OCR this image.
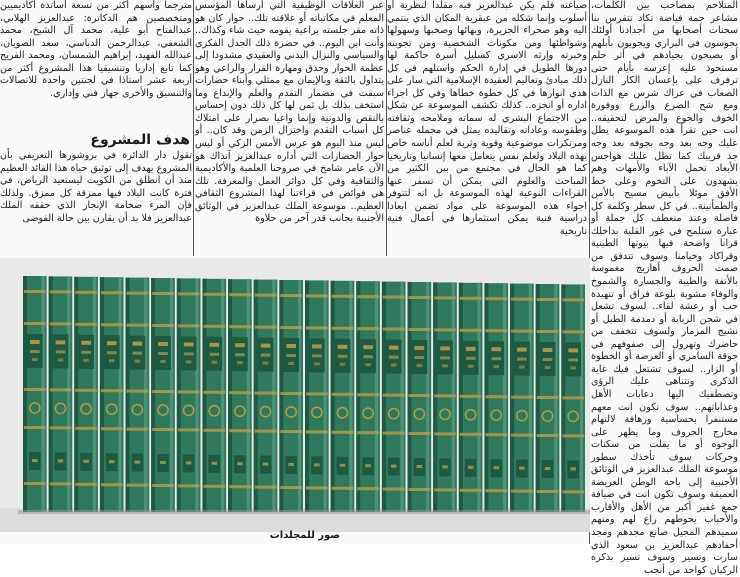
المتلاحم بمصاحب بين الكلمات، مشاعر جمة فياضة تكاد تتفرس بنا سحنات أصحابها من أجدادنا أولئك يجوسون في البراري ويجوبون بأبلهم أو يصيحون بجيادهم في أثر حلم مستحوذ عليه إعرسه بأيام حتى ترفرف على بإعسان الكار النازل الصعاب في عراك شرس مع الذات ومع شح الضرع والزرع ووفورة الخوف والجوع والمرض لتحقيقه.. انت حين تقرأ هذه الموسوعة يطل عليك وجه بعد وجه بجوفه بعد وجه جد قريبك كما تطل عليك هواجس الأبعاد تحمل الآباء والأمهات وهم يشهدون على التخوم وعلى خط الأفق موئلا بأبيض مسيح بالأمن والطمأنينة.. في كل سطر وكلمة كل فاصلة وعند منعطف كل جملة أو عبارة ستلمح في غور القلبة بداخلك قرانا واضحة فيها بيوتها الطينية وقراكاد وخيامنا وسوف تتدفق من صمت الحروف أهازيج مغموسة بالأنفة والطيبة والجسارة والشموخ والوفاء مشوبة بلوعة فراق أو تنهيدة حب أو رعشة لقاء.. لسوف تشعل في شجن الربابة أو دمدمة الطبل أو نشيج المزمار ولسوف تتخفف من حاضرك وتهرول إلى صفوفهم في جوقة السامري أو العرضة أو الخطوة أو الزار.. لسوف تشتعل فيك غاية الذكرى وتتناهى عليك الرؤى وتصطفيك اليها دعابات الأهل وعذاباتهم.. سوف تكون انت معهم مستنفرا بحساسية ورهافة لالتهام مخارج الحروف وما يظهر على الوجوه أو ما يقلت من سكنات وحركات سوف تأخذك سطور موسوعة الملك عبدالعزيز في الوثائق الأجنبية إلى باحة الوطن العريضة العميقة وسوف تكون انت في ضيافة جمع غفير أكبر من الأهل والأقارب والأحباب يحوطهم راع لهم ومنهم سميدهم المجيل صانع مجدهم ومجد أحفادهم عبدالعزيز بن سعود الذي سارت وتسير وسوف تسير بذكره الركبان كواحد من أنجب

صياغته فلم يكن عبدالعزيز فيه مقلدا لنظرية أو أسلوب وإنما شكله من عبقرية المكان الذي ينتمي اليه وهو صحراء الجزيرة، وبهائها وصخبها وسهولها وشواطئها ومن مكونات الشخصية ومن تجوبته وخبرته وإرثه الاسري كسليل أسرة حاكمة لها دورها الطويل في إدارة الحكم واستلهم في كل ذلك مبادئ وتعاليم العقيدة الإسلامية التي سار على هدي انوارها في كل خطوة خطاها وفي كل اجراء اداره أو انجزه.. كذلك تكشف الموسوعة عن شكل من الاجتماع البشري له سماته وملامحه وثقافته وطقوسه وعاداته وتقاليده يمثل في مجمله عناصر ومرتكزات موضوعية وقوية وثرية لعلم أناسه خاص بهذه البلاد ولعلم نفس يتعامل معها إنسانيا وتاريخيا كما هو الحال في مجتمع من بين الكثير من المباحث والعلوم التي يمكن أن تسفر عنها القراءات النوعية لهذه الموسوعة بل انه لتتوفر اجواء هذه الموسوعة على مواد تضمن ابعادا دراسية فنية يمكن استثمارها في أعمال فنية تاريخية

عبر العلاقات الوظيفية التي أرساها المؤسس المعلم في مكاتباته أو علاقته تلك.. حوار كان هو ذاته مقر جلسته براعية يقومه حيث شاء وكذاك.. وأنت ابن اليوم.. في حضرة ذلك الجدل الفكري والسياسي والنزال البدني والعقيدي مشدودا إلى عظمة الحوار وحذق ومهارة القرار والراعي وهو يتداول بالثقة وبالإيمان مع ممثلي وأبناء حضارات سبقت في مضمار التقدم والعلم والإبداع وما استخف بذلك بل ثمن لها كل ذلك دون إحساس بالنقص والدونية وإنما واعيا بصرار على امتلاك كل أسباب التقدم واختزال الزمن وقد كان.. أو ليس منذ اليوم هو عرس الأمس الزكي أو ليس حوار الحضارات التي أداره عبدالعزيز آنذاك هو الآن عامر شامخ في صروحنا العلمية والأكاديمية والثقافية وفي كل دوائر العمل والمعرفة. تلك هي فوائض في قراءتنا لهذا المشروع الثقافي العظيم.. موسوعة الملك عبدالعزيز في الوثائق الأجنبية بجانب قدر آخر من حلاوة

مترجما وأسهم أكثر من تسعة أساتذة أكاديميين ومتخصصين هم الدكاترة: عبدالعزيز الهلابي، عبدالفتاح أبو علية، محمد آل الشيخ، محمد الشعفي، عبدالرحمن الدباسي، سعد الصويان، عبدالله الفهيد، إبراهيم الشمسان، ومحمد الفريح كما تابع إداريا وتنسيقيا هذا المشروع أكثر من أربعة عشر استاذا في لجنتين واحدة للاتصالات والتنسيق والأخرى جهاز فني وإداري.

هدف المشروع

تقول دار الدائرة في بروشورها التعريفي بأن المشروع يهدف إلى توثيق حياة هذا القائد العظيم منذ أن انطلق من الكويت ليستعيد الرياض، في فترة كانت البلاد فيها ممزقة كل ممزق. ولذلك فإن المرء ضخامة الإنجاز الذي حققه الملك عبدالعزيز فلا بد أن يقارن بين حالة الفوضى

صور للمجلدات
